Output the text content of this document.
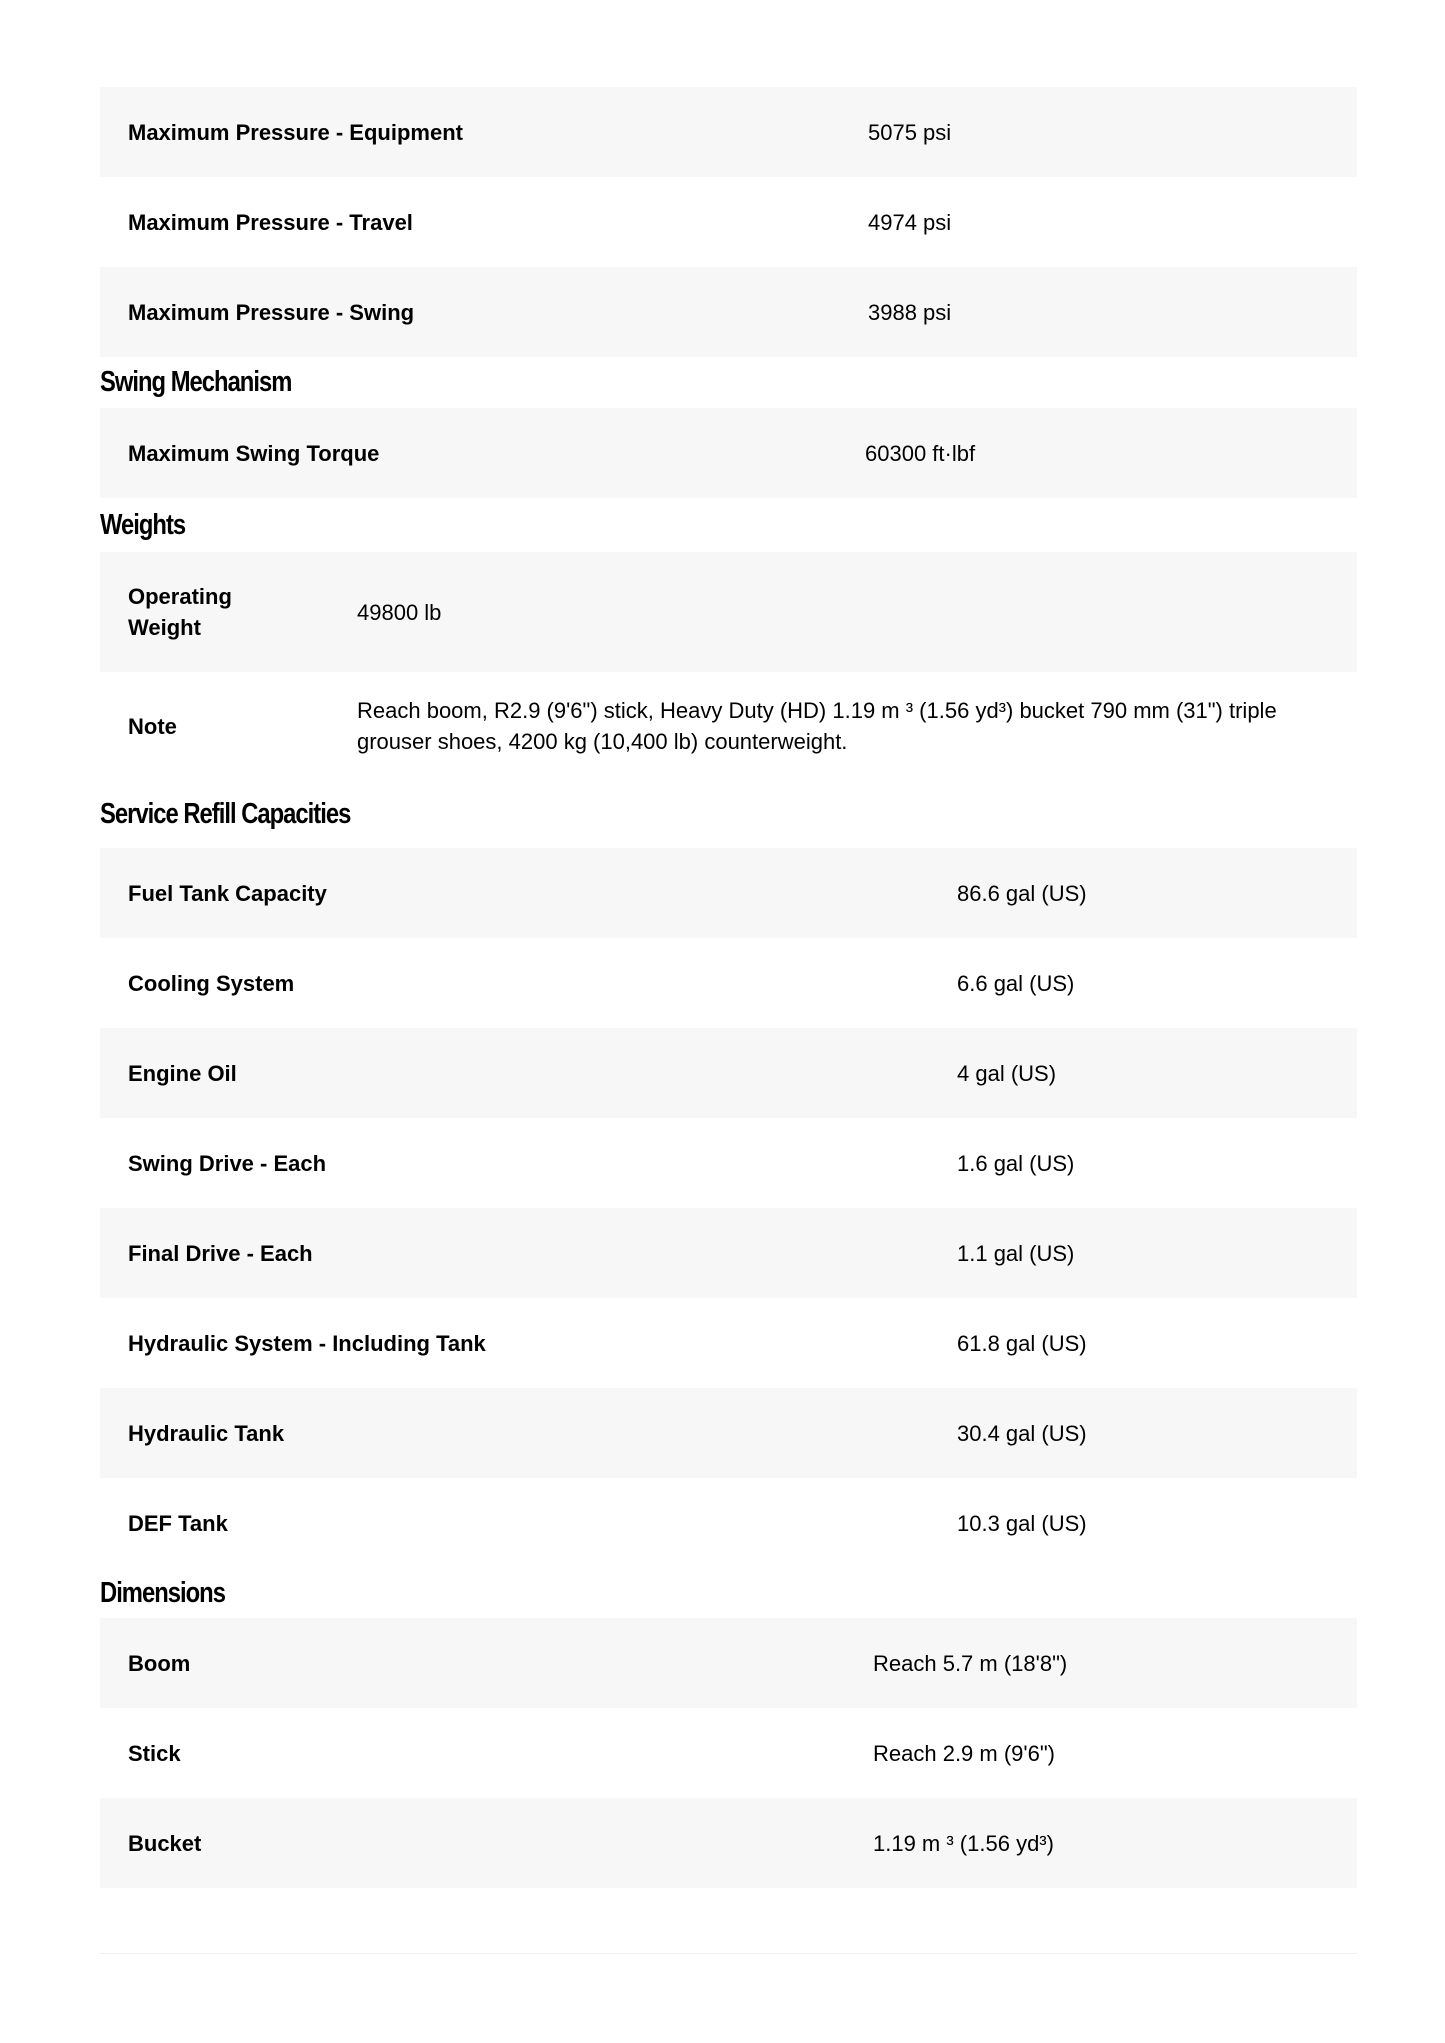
Maximum Pressure - Equipment	5075 psi
Maximum Pressure - Travel	4974 psi
Maximum Pressure - Swing	3988 psi
Swing Mechanism
Maximum Swing Torque	60300 ft·lbf
Weights
Operating Weight	49800 lb
Note	Reach boom, R2.9 (9'6") stick, Heavy Duty (HD) 1.19 m ³ (1.56 yd³) bucket 790 mm (31") triple grouser shoes, 4200 kg (10,400 lb) counterweight.
Service Refill Capacities
Fuel Tank Capacity	86.6 gal (US)
Cooling System	6.6 gal (US)
Engine Oil	4 gal (US)
Swing Drive - Each	1.6 gal (US)
Final Drive - Each	1.1 gal (US)
Hydraulic System - Including Tank	61.8 gal (US)
Hydraulic Tank	30.4 gal (US)
DEF Tank	10.3 gal (US)
Dimensions
Boom	Reach 5.7 m (18'8")
Stick	Reach 2.9 m (9'6")
Bucket	1.19 m ³ (1.56 yd³)
